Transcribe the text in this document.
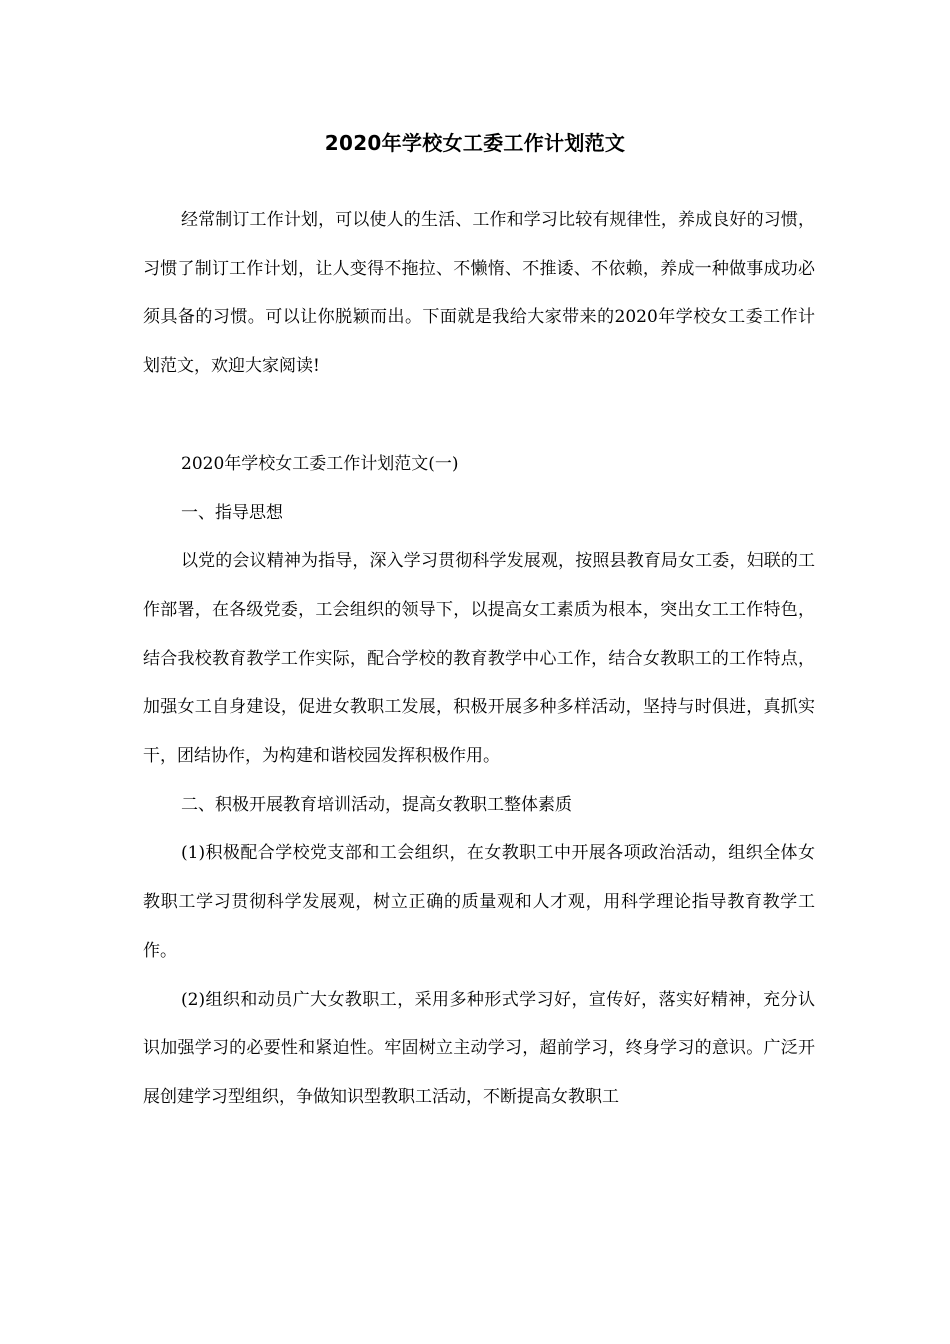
2020年学校女工委工作计划范文

经常制订工作计划，可以使人的生活、工作和学习比较有规律性，养成良好的习惯，习惯了制订工作计划，让人变得不拖拉、不懒惰、不推诿、不依赖，养成一种做事成功必须具备的习惯。可以让你脱颖而出。下面就是我给大家带来的2020年学校女工委工作计划范文，欢迎大家阅读!

2020年学校女工委工作计划范文(一)

一、指导思想

以党的会议精神为指导，深入学习贯彻科学发展观，按照县教育局女工委，妇联的工作部署，在各级党委，工会组织的领导下，以提高女工素质为根本，突出女工工作特色，结合我校教育教学工作实际，配合学校的教育教学中心工作，结合女教职工的工作特点，加强女工自身建设，促进女教职工发展，积极开展多种多样活动，坚持与时俱进，真抓实干，团结协作，为构建和谐校园发挥积极作用。

二、积极开展教育培训活动，提高女教职工整体素质

(1)积极配合学校党支部和工会组织，在女教职工中开展各项政治活动，组织全体女教职工学习贯彻科学发展观，树立正确的质量观和人才观，用科学理论指导教育教学工作。

(2)组织和动员广大女教职工，采用多种形式学习好，宣传好，落实好精神，充分认识加强学习的必要性和紧迫性。牢固树立主动学习，超前学习，终身学习的意识。广泛开展创建学习型组织，争做知识型教职工活动，不断提高女教职工
